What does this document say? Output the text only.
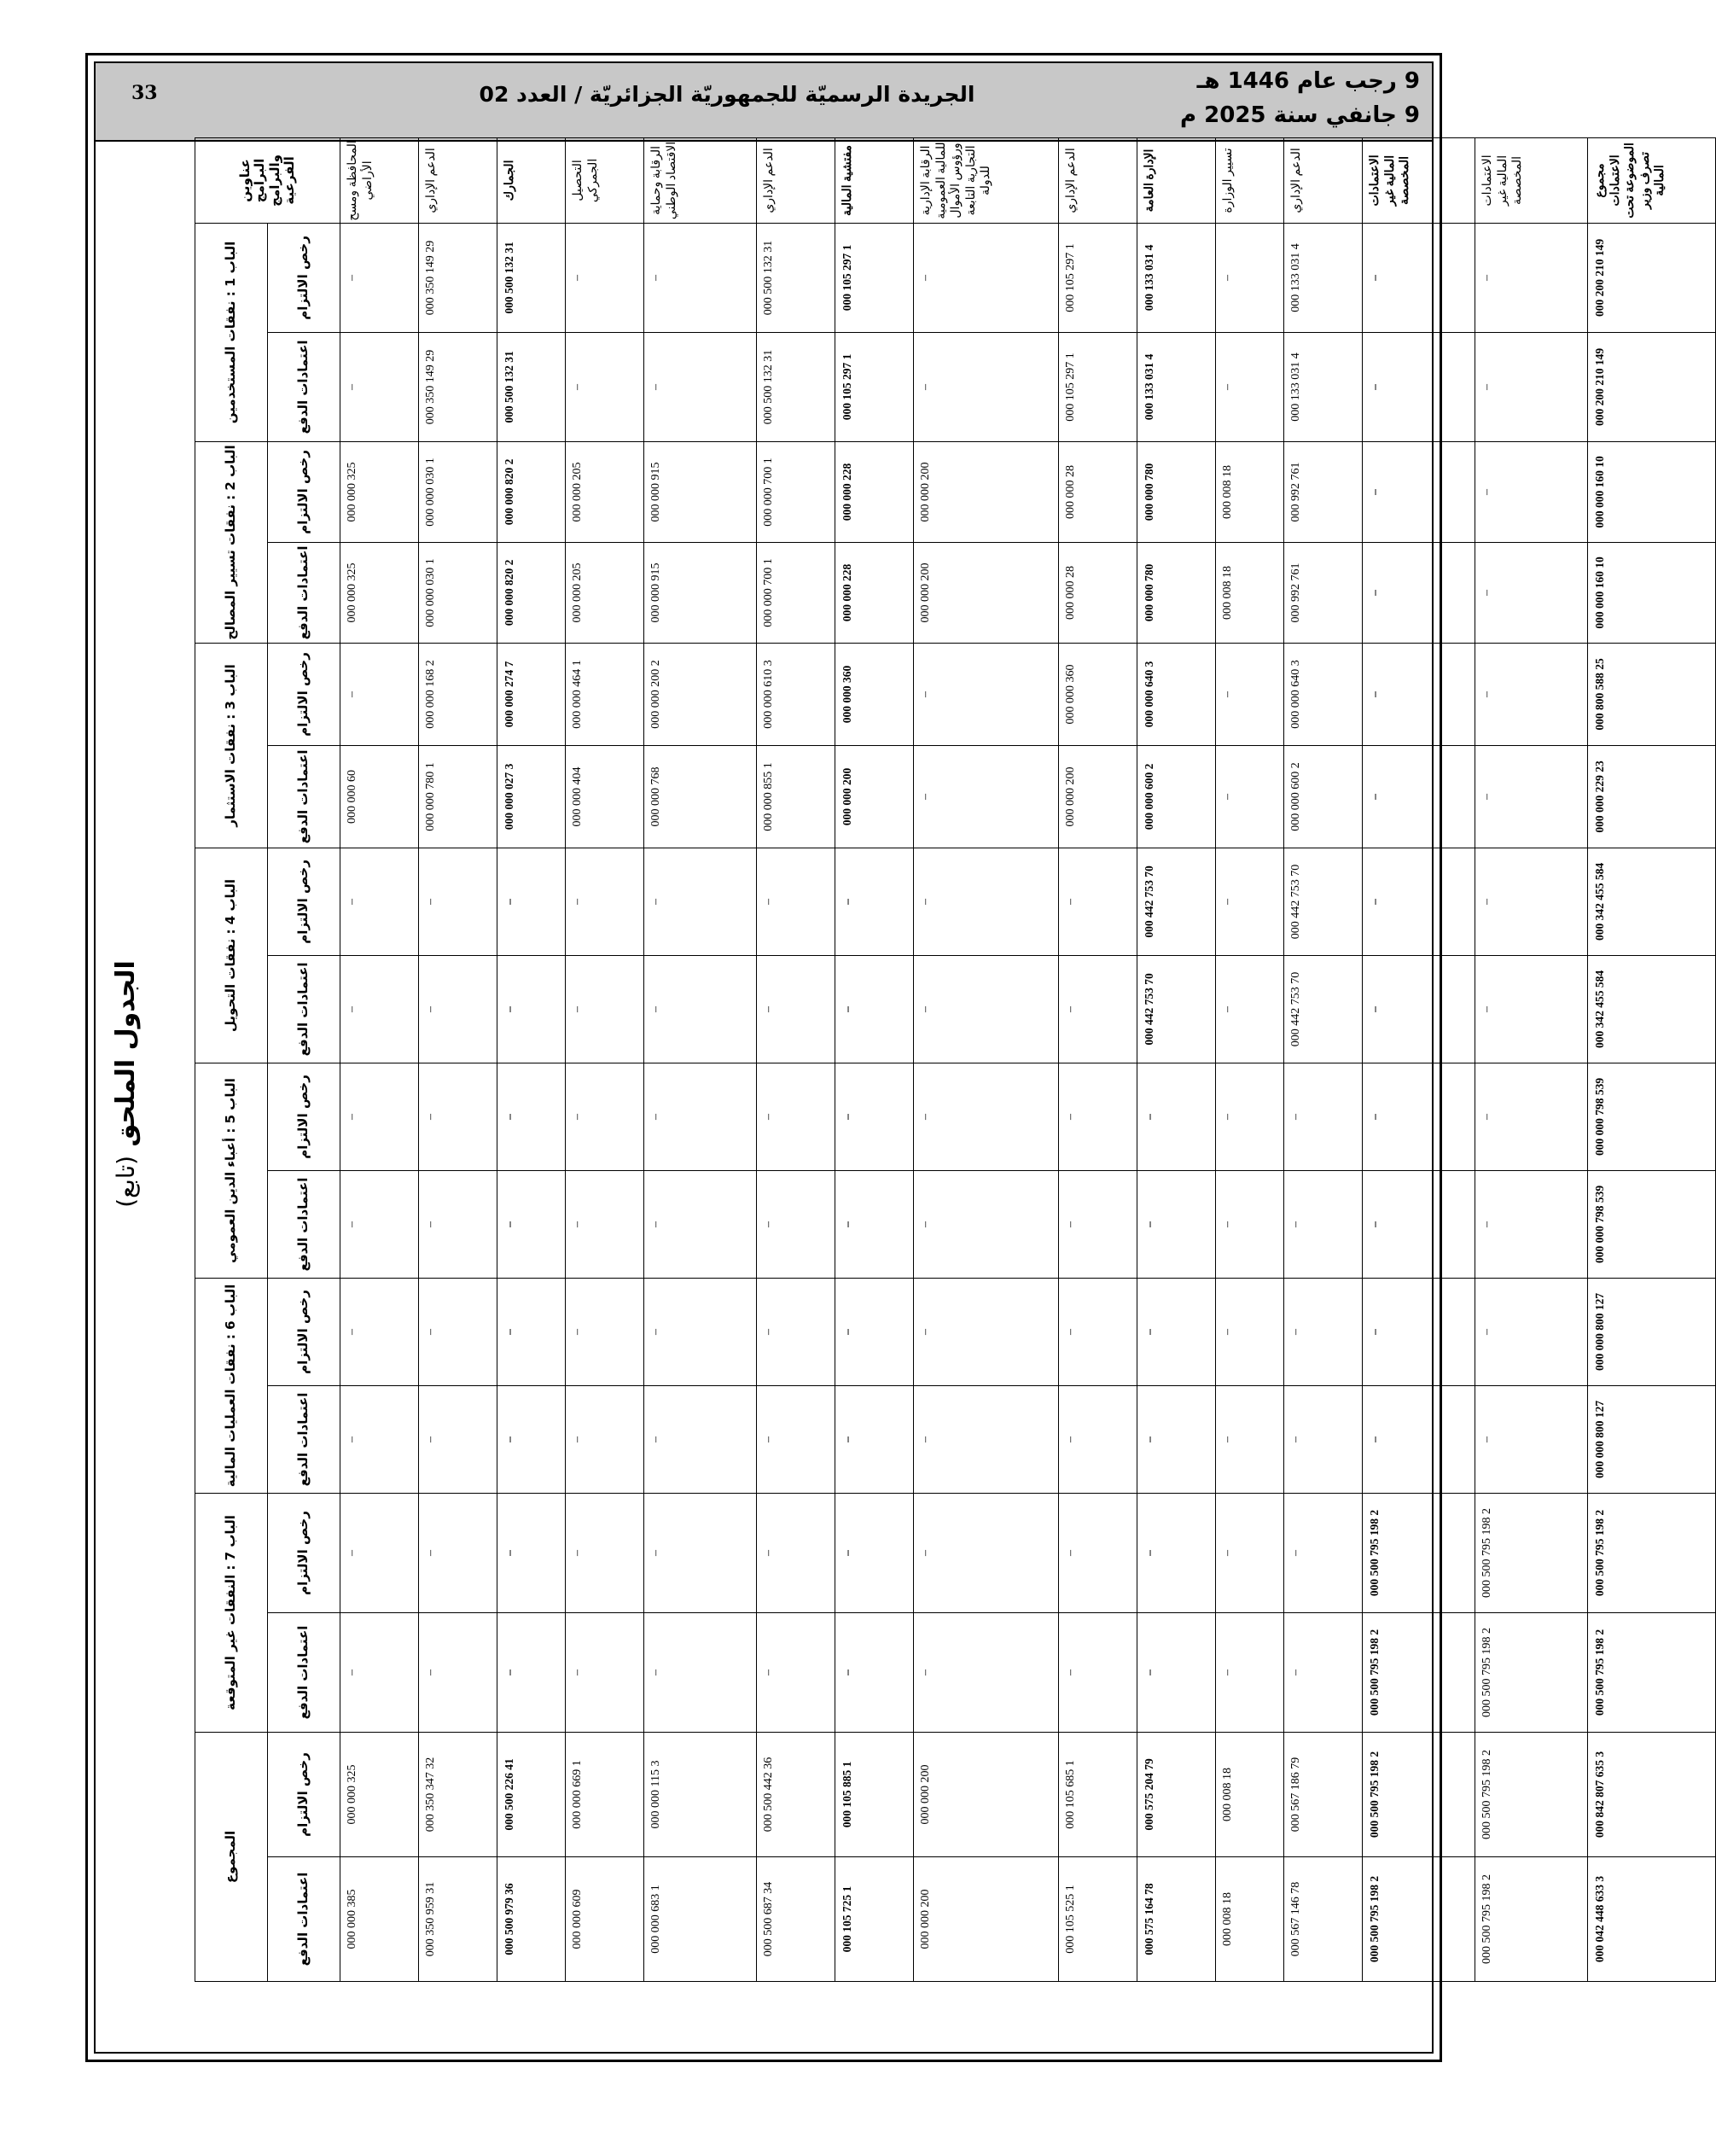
33	الجريدة الرسميّة للجمهوريّة الجزائريّة / العدد 02
9 رجب عام 1446 هـ
9 جانفي سنة 2025 م
الجدول الملحق (تابع)
عناوين البرامج والبرامج الفرعية	الباب 1 : نفقات المستخدمين		الباب 2 : نفقات تسيير المصالح		الباب 3 : نفقات الاستثمار		الباب 4 : نفقات التحويل		الباب 5 : أعباء الدين العمومي		الباب 6 : نفقات العمليات المالية		الباب 7 : النفقات غير المتوقعة		المجموع	
	رخص الالتزام	اعتمادات الدفع	رخص الالتزام	اعتمادات الدفع	رخص الالتزام	اعتمادات الدفع	رخص الالتزام	اعتمادات الدفع	رخص الالتزام	اعتمادات الدفع	رخص الالتزام	اعتمادات الدفع	رخص الالتزام	اعتمادات الدفع	رخص الالتزام	اعتمادات الدفع
المحافظة ومسح الأراضي	–	–	325 000 000	325 000 000	–	60 000 000	–	–	–	–	–	–	–	–	325 000 000	385 000 000
الدعم الإداري	29 149 350 000	29 149 350 000	1 030 000 000	1 030 000 000	2 168 000 000	1 780 000 000	–	–	–	–	–	–	–	–	32 347 350 000	31 959 350 000
الجمارك	31 132 500 000	31 132 500 000	2 820 000 000	2 820 000 000	7 274 000 000	3 027 000 000	–	–	–	–	–	–	–	–	41 226 500 000	36 979 500 000
التحصيل الجمركي	–	–	205 000 000	205 000 000	1 464 000 000	404 000 000	–	–	–	–	–	–	–	–	1 669 000 000	609 000 000
الرقابة وحماية الاقتصاد الوطني	–	–	915 000 000	915 000 000	2 200 000 000	768 000 000	–	–	–	–	–	–	–	–	3 115 000 000	1 683 000 000
الدعم الإداري	31 132 500 000	31 132 500 000	1 700 000 000	1 700 000 000	3 610 000 000	1 855 000 000	–	–	–	–	–	–	–	–	36 442 500 000	34 687 500 000
مفتشية المالية	1 297 105 000	1 297 105 000	228 000 000	228 000 000	360 000 000	200 000 000	–	–	–	–	–	–	–	–	1 885 105 000	1 725 105 000
الرقابة الإدارية للمالية العمومية ورؤوس الأموال التجارية التابعة للدولة	–	–	200 000 000	200 000 000	–	–	–	–	–	–	–	–	–	–	200 000 000	200 000 000
الدعم الإداري	1 297 105 000	1 297 105 000	28 000 000	28 000 000	360 000 000	200 000 000	–	–	–	–	–	–	–	–	1 685 105 000	1 525 105 000
الإدارة العامة	4 031 133 000	4 031 133 000	780 000 000	780 000 000	3 640 000 000	2 600 000 000	70 753 442 000	70 753 442 000	–	–	–	–	–	–	79 204 575 000	78 164 575 000
تسيير الوزارة	–	–	18 008 000	18 008 000	–	–	–	–	–	–	–	–	–	–	18 008 000	18 008 000
الدعم الإداري	4 031 133 000	4 031 133 000	761 992 000	761 992 000	3 640 000 000	2 600 000 000	70 753 442 000	70 753 442 000	–	–	–	–	–	–	79 186 567 000	78 146 567 000
الاعتمادات المالية غير المخصصة	–	–	–	–	–	–	–	–	–	–	–	–	2 198 795 500 000	2 198 795 500 000	2 198 795 500 000	2 198 795 500 000
الاعتمادات المالية غير المخصصة	–	–	–	–	–	–	–	–	–	–	–	–	2 198 795 500 000	2 198 795 500 000	2 198 795 500 000	2 198 795 500 000
مجموع الاعتمادات الموضوعة تحت تصرف وزير المالية	149 210 200 000	149 210 200 000	10 160 000 000	10 160 000 000	25 588 800 000	23 229 000 000	584 455 342 000	584 455 342 000	539 798 000 000	539 798 000 000	127 800 000 000	127 800 000 000	2 198 795 500 000	2 198 795 500 000	3 635 807 842 000	3 633 448 042 000
